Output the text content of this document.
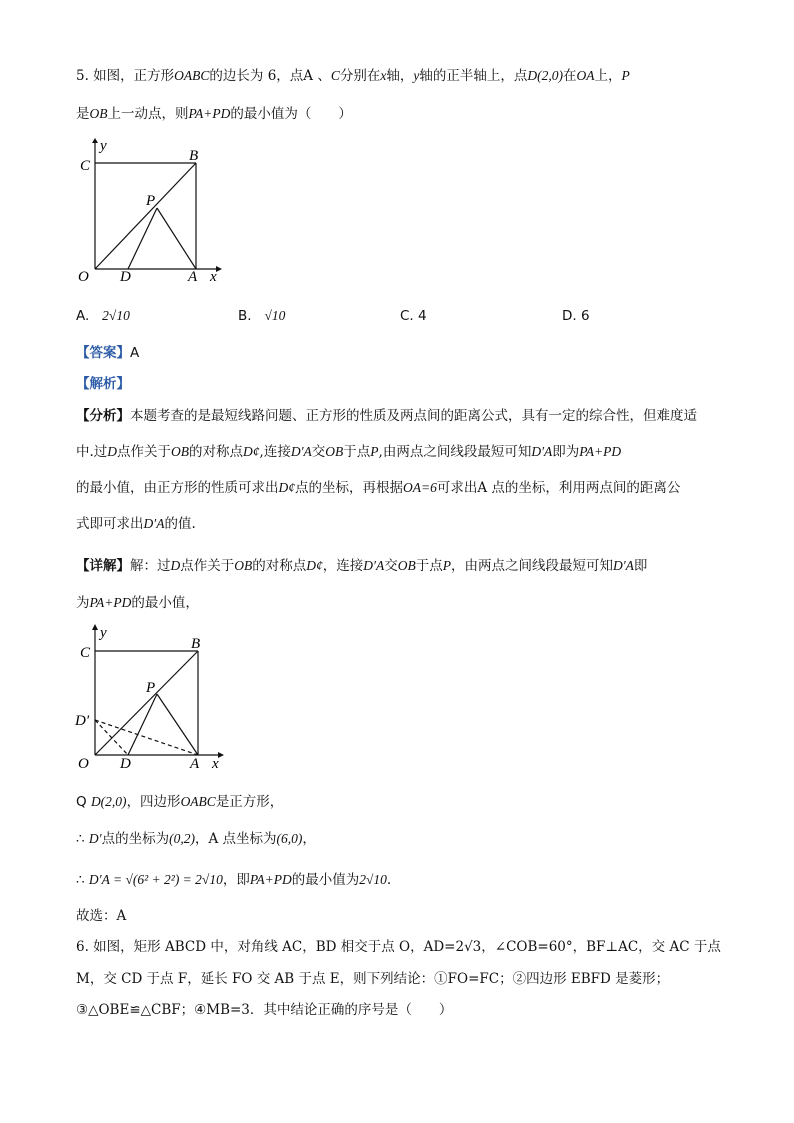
5. 如图，正方形OABC的边长为 6，点A 、C分别在x轴，y轴的正半轴上，点D(2,0)在OA上，P
是OB上一动点，则PA+PD的最小值为（　　）
C
y
B
P
O D	A x
A. 2√10	B. √10	C. 4	D. 6
【答案】A
【解析】
【分析】本题考查的是最短线路问题、正方形的性质及两点间的距离公式，具有一定的综合性，但难度适
中.过D点作关于OB的对称点D¢,连接D′A交OB于点P,由两点之间线段最短可知D′A即为PA+PD
的最小值，由正方形的性质可求出D¢点的坐标，再根据OA=6可求出A 点的坐标，利用两点间的距离公
式即可求出D′A的值.
【详解】解：过D点作关于OB的对称点D¢，连接D′A交OB于点P，由两点之间线段最短可知D′A即
为PA+PD的最小值，
C
y
B
P
D′
O D	A x
Q D(2,0)，四边形OABC是正方形，
∴ D′点的坐标为(0,2)，A 点坐标为(6,0)，
∴ D′A = √(6² + 2²) = 2√10，即PA+PD的最小值为2√10.
故选：A
6. 如图，矩形 ABCD 中，对角线 AC，BD 相交于点 O，AD=2√3，∠COB=60°，BF⊥AC，交 AC 于点
M，交 CD 于点 F，延长 FO 交 AB 于点 E，则下列结论：①FO=FC；②四边形 EBFD 是菱形；
③△OBE≌△CBF；④MB=3．其中结论正确的序号是（　　）
